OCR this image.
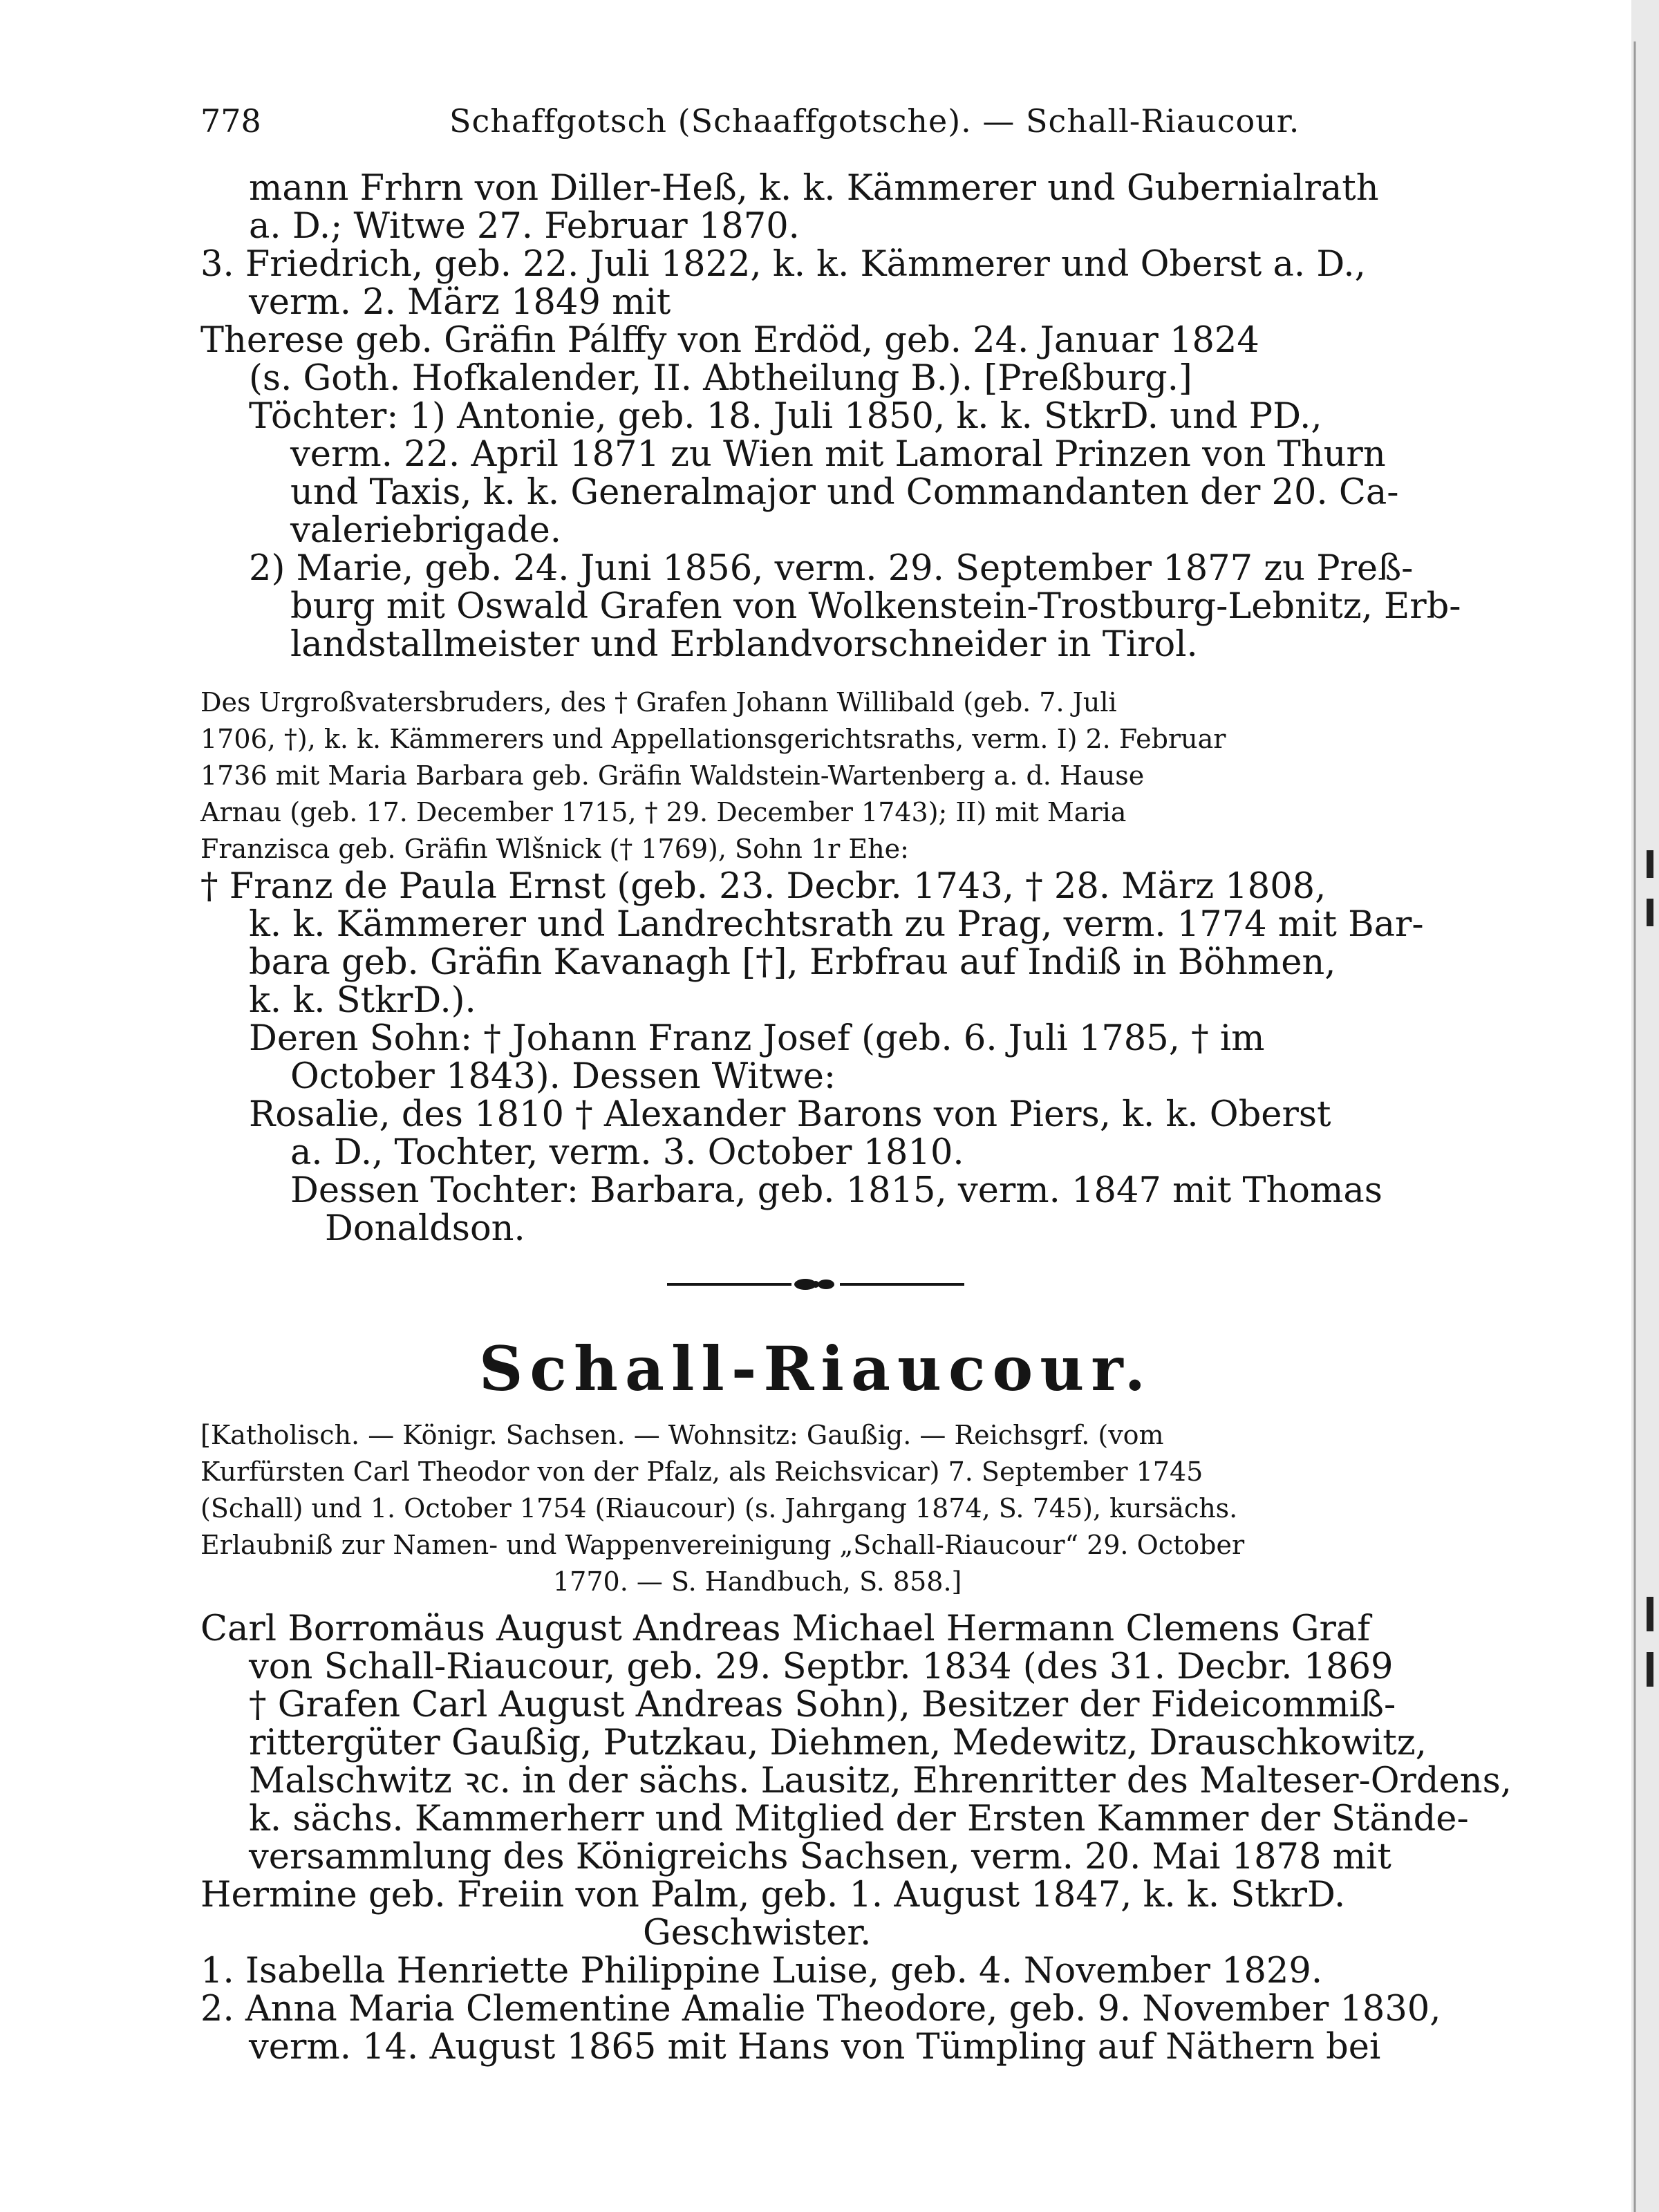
778	Schaffgotsch (Schaaffgotsche). — Schall-Riaucour.
mann Frhrn von Diller-Heß, k. k. Kämmerer und Gubernialrath
a. D.; Witwe 27. Februar 1870.
3. Friedrich, geb. 22. Juli 1822, k. k. Kämmerer und Oberst a. D.,
verm. 2. März 1849 mit
Therese geb. Gräfin Pálffy von Erdöd, geb. 24. Januar 1824
(s. Goth. Hofkalender, II. Abtheilung B.). [Preßburg.]
Töchter: 1) Antonie, geb. 18. Juli 1850, k. k. StkrD. und PD.,
verm. 22. April 1871 zu Wien mit Lamoral Prinzen von Thurn
und Taxis, k. k. Generalmajor und Commandanten der 20. Ca-
valeriebrigade.
2) Marie, geb. 24. Juni 1856, verm. 29. September 1877 zu Preß-
burg mit Oswald Grafen von Wolkenstein-Trostburg-Lebnitz, Erb-
landstallmeister und Erblandvorschneider in Tirol.
Des Urgroßvatersbruders, des † Grafen Johann Willibald (geb. 7. Juli
1706, †), k. k. Kämmerers und Appellationsgerichtsraths, verm. I) 2. Februar
1736 mit Maria Barbara geb. Gräfin Waldstein-Wartenberg a. d. Hause
Arnau (geb. 17. December 1715, † 29. December 1743); II) mit Maria
Franzisca geb. Gräfin Wlšnick († 1769), Sohn 1r Ehe:
† Franz de Paula Ernst (geb. 23. Decbr. 1743, † 28. März 1808,
k. k. Kämmerer und Landrechtsrath zu Prag, verm. 1774 mit Bar-
bara geb. Gräfin Kavanagh [†], Erbfrau auf Indiß in Böhmen,
k. k. StkrD.).
Deren Sohn: † Johann Franz Josef (geb. 6. Juli 1785, † im
October 1843). Dessen Witwe:
Rosalie, des 1810 † Alexander Barons von Piers, k. k. Oberst
a. D., Tochter, verm. 3. October 1810.
Dessen Tochter: Barbara, geb. 1815, verm. 1847 mit Thomas
Donaldson.
Schall-Riaucour.
[Katholisch. — Königr. Sachsen. — Wohnsitz: Gaußig. — Reichsgrf. (vom
Kurfürsten Carl Theodor von der Pfalz, als Reichsvicar) 7. September 1745
(Schall) und 1. October 1754 (Riaucour) (s. Jahrgang 1874, S. 745), kursächs.
Erlaubniß zur Namen- und Wappenvereinigung „Schall-Riaucour“ 29. October
1770. — S. Handbuch, S. 858.]
Carl Borromäus August Andreas Michael Hermann Clemens Graf
von Schall-Riaucour, geb. 29. Septbr. 1834 (des 31. Decbr. 1869
† Grafen Carl August Andreas Sohn), Besitzer der Fideicommiß-
rittergüter Gaußig, Putzkau, Diehmen, Medewitz, Drauschkowitz,
Malschwitz ꝛc. in der sächs. Lausitz, Ehrenritter des Malteser-Ordens,
k. sächs. Kammerherr und Mitglied der Ersten Kammer der Stände-
versammlung des Königreichs Sachsen, verm. 20. Mai 1878 mit
Hermine geb. Freiin von Palm, geb. 1. August 1847, k. k. StkrD.
Geschwister.
1. Isabella Henriette Philippine Luise, geb. 4. November 1829.
2. Anna Maria Clementine Amalie Theodore, geb. 9. November 1830,
verm. 14. August 1865 mit Hans von Tümpling auf Näthern bei
